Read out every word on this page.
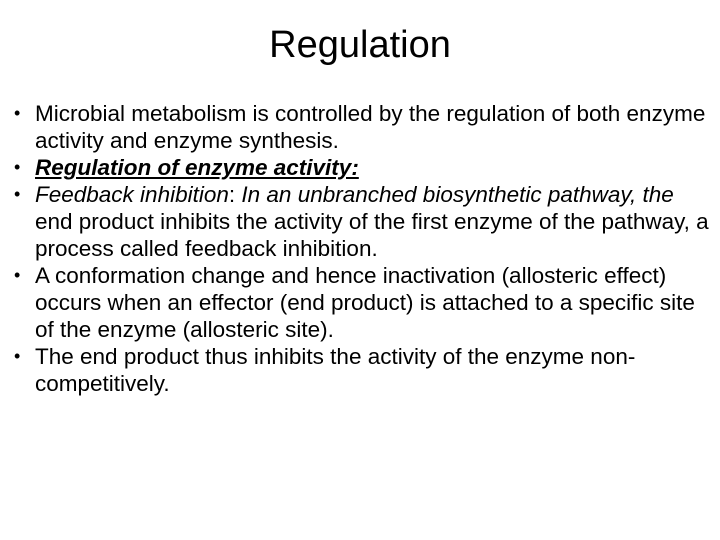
Regulation
• Microbial metabolism is controlled by the regulation of both enzyme activity and enzyme synthesis.
• Regulation of enzyme activity:
• Feedback inhibition: In an unbranched biosynthetic pathway, the end product inhibits the activity of the first enzyme of the pathway, a process called feedback inhibition.
• A conformation change and hence inactivation (allosteric effect) occurs when an effector (end product) is attached to a specific site of the enzyme (allosteric site).
• The end product thus inhibits the activity of the enzyme non-competitively.
